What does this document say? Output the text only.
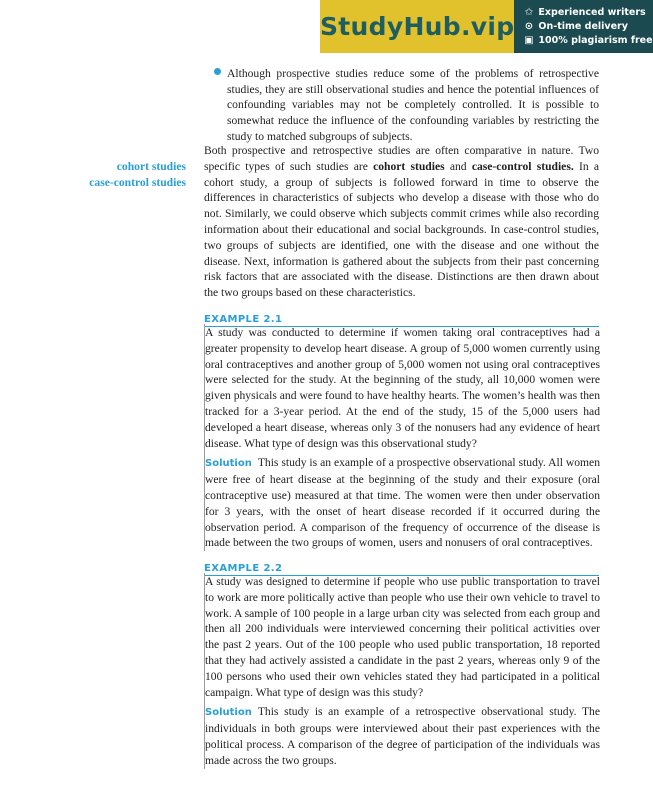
StudyHub.vip ✩ Experienced writers
⊙ On-time delivery
▣ 100% plagiarism free
Although prospective studies reduce some of the problems of retrospective studies, they are still observational studies and hence the potential influences of confounding variables may not be completely controlled. It is possible to somewhat reduce the influence of the confounding variables by restricting the study to matched subgroups of subjects.
cohort studies
case-control studies

Both prospective and retrospective studies are often comparative in nature. Two specific types of such studies are cohort studies and case-control studies. In a cohort study, a group of subjects is followed forward in time to observe the differences in characteristics of subjects who develop a disease with those who do not. Similarly, we could observe which subjects commit crimes while also recording information about their educational and social backgrounds. In case-control studies, two groups of subjects are identified, one with the disease and one without the disease. Next, information is gathered about the subjects from their past concerning risk factors that are associated with the disease. Distinctions are then drawn about the two groups based on these characteristics.

EXAMPLE 2.1

A study was conducted to determine if women taking oral contraceptives had a greater propensity to develop heart disease. A group of 5,000 women currently using oral contraceptives and another group of 5,000 women not using oral contraceptives were selected for the study. At the beginning of the study, all 10,000 women were given physicals and were found to have healthy hearts. The women’s health was then tracked for a 3-year period. At the end of the study, 15 of the 5,000 users had developed a heart disease, whereas only 3 of the nonusers had any evidence of heart disease. What type of design was this observational study?

Solution This study is an example of a prospective observational study. All women were free of heart disease at the beginning of the study and their exposure (oral contraceptive use) measured at that time. The women were then under observation for 3 years, with the onset of heart disease recorded if it occurred during the observation period. A comparison of the frequency of occurrence of the disease is made between the two groups of women, users and nonusers of oral contraceptives.

EXAMPLE 2.2

A study was designed to determine if people who use public transportation to travel to work are more politically active than people who use their own vehicle to travel to work. A sample of 100 people in a large urban city was selected from each group and then all 200 individuals were interviewed concerning their political activities over the past 2 years. Out of the 100 people who used public transportation, 18 reported that they had actively assisted a candidate in the past 2 years, whereas only 9 of the 100 persons who used their own vehicles stated they had participated in a political campaign. What type of design was this study?

Solution This study is an example of a retrospective observational study. The individuals in both groups were interviewed about their past experiences with the political process. A comparison of the degree of participation of the individuals was made across the two groups.
